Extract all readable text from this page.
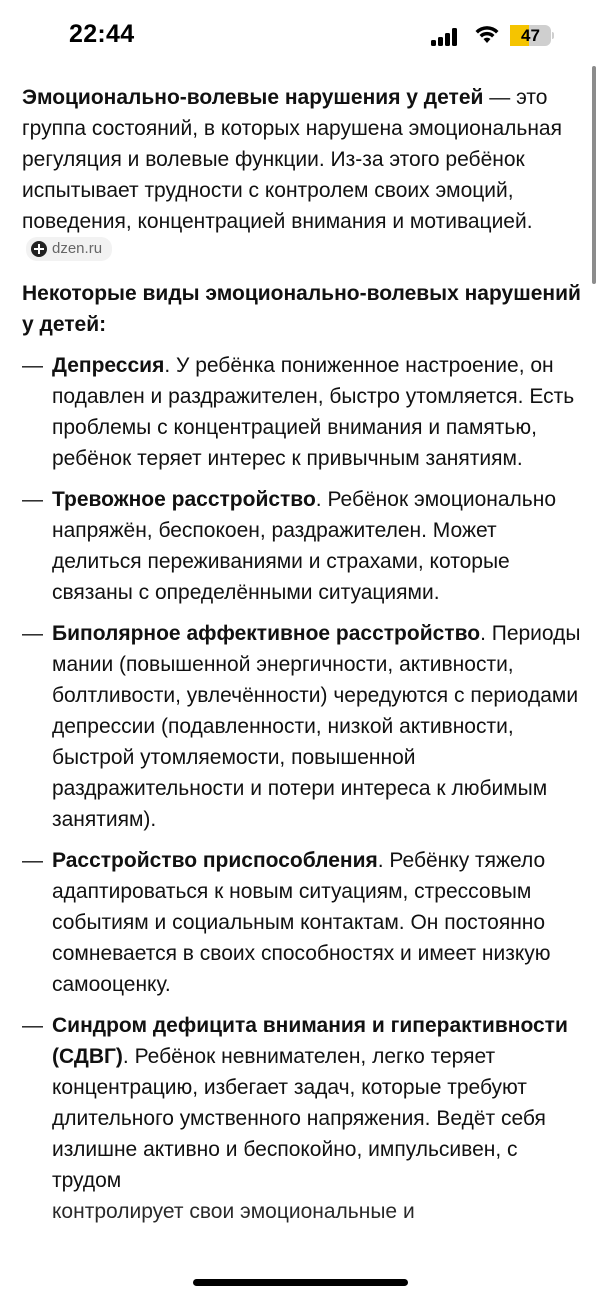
22:44	47

Эмоционально-волевые нарушения у детей — это группа состояний, в которых нарушена эмоциональная регуляция и волевые функции. Из-за этого ребёнок испытывает трудности с контролем своих эмоций, поведения, концентрацией внимания и мотивацией.
dzen.ru

Некоторые виды эмоционально-волевых нарушений у детей:

— Депрессия. У ребёнка пониженное настроение, он подавлен и раздражителен, быстро утомляется. Есть проблемы с концентрацией внимания и памятью, ребёнок теряет интерес к привычным занятиям.
— Тревожное расстройство. Ребёнок эмоционально напряжён, беспокоен, раздражителен. Может делиться переживаниями и страхами, которые связаны с определёнными ситуациями.
— Биполярное аффективное расстройство. Периоды мании (повышенной энергичности, активности, болтливости, увлечённости) чередуются с периодами депрессии (подавленности, низкой активности, быстрой утомляемости, повышенной раздражительности и потери интереса к любимым занятиям).
— Расстройство приспособления. Ребёнку тяжело адаптироваться к новым ситуациям, стрессовым событиям и социальным контактам. Он постоянно сомневается в своих способностях и имеет низкую самооценку.
— Синдром дефицита внимания и гиперактивности (СДВГ). Ребёнок невнимателен, легко теряет концентрацию, избегает задач, которые требуют длительного умственного напряжения. Ведёт себя излишне активно и беспокойно, импульсивен, с трудом
контролирует свои эмоциональные и
